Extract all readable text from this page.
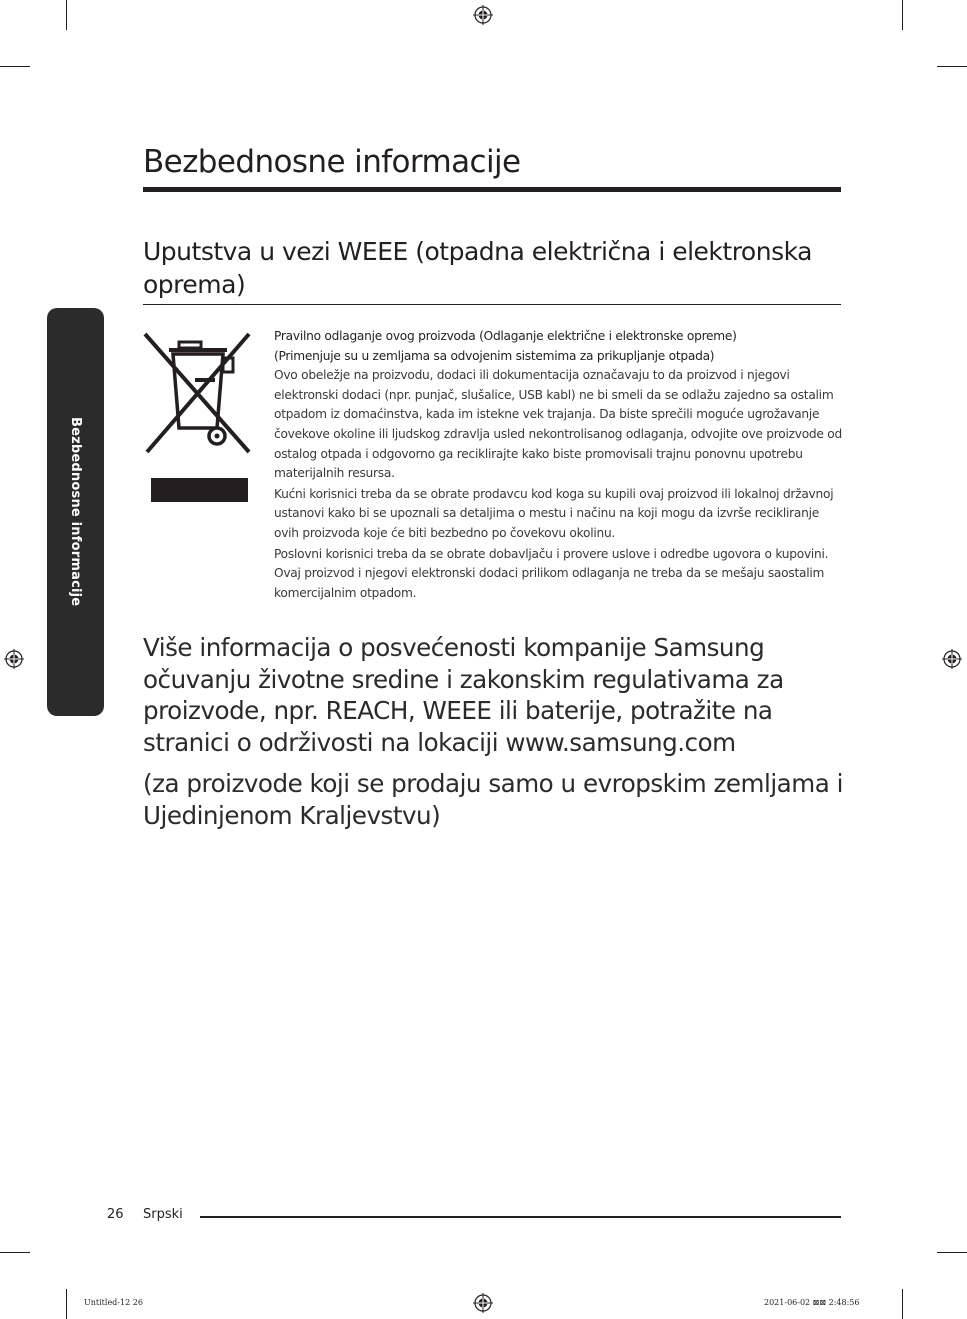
Bezbednosne informacije
Bezbednosne informacije
Uputstva u vezi WEEE (otpadna električna i elektronska oprema)

Pravilno odlaganje ovog proizvoda (Odlaganje električne i elektronske opreme)

(Primenjuje su u zemljama sa odvojenim sistemima za prikupljanje otpada)

Ovo obeležje na proizvodu, dodaci ili dokumentacija označavaju to da proizvod i njegovi elektronski dodaci (npr. punjač, slušalice, USB kabl) ne bi smeli da se odlažu zajedno sa ostalim otpadom iz domaćinstva, kada im istekne vek trajanja. Da biste sprečili moguće ugrožavanje čovekove okoline ili ljudskog zdravlja usled nekontrolisanog odlaganja, odvojite ove proizvode od ostalog otpada i odgovorno ga reciklirajte kako biste promovisali trajnu ponovnu upotrebu materijalnih resursa.

Kućni korisnici treba da se obrate prodavcu kod koga su kupili ovaj proizvod ili lokalnoj državnoj ustanovi kako bi se upoznali sa detaljima o mestu i načinu na koji mogu da izvrše recikliranje ovih proizvoda koje će biti bezbedno po čovekovu okolinu.

Poslovni korisnici treba da se obrate dobavljaču i provere uslove i odredbe ugovora o kupovini. Ovaj proizvod i njegovi elektronski dodaci prilikom odlaganja ne treba da se mešaju saostalim komercijalnim otpadom.

Više informacija o posvećenosti kompanije Samsung očuvanju životne sredine i zakonskim regulativama za proizvode, npr. REACH, WEEE ili baterije, potražite na stranici o održivosti na lokaciji www.samsung.com

(za proizvode koji se prodaju samo u evropskim zemljama i Ujedinjenom Kraljevstvu)

26 Srpski
Untitled-12 26	2021-06-02 ⊠⊠ 2:48:56
